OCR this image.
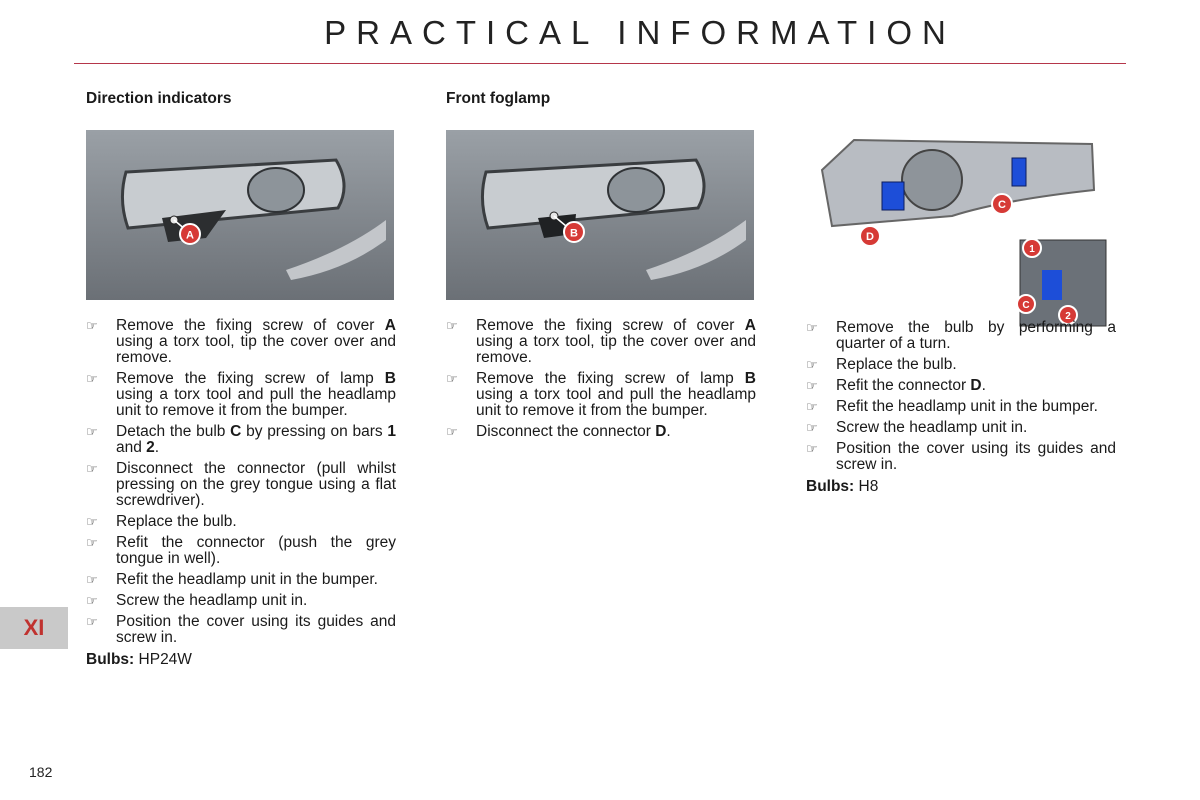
PRACTICAL INFORMATION
Direction indicators
A
☞ Remove the fixing screw of cover A using a torx tool, tip the cover over and remove.
☞ Remove the fixing screw of lamp B using a torx tool and pull the headlamp unit to remove it from the bumper.
☞ Detach the bulb C by pressing on bars 1 and 2.
☞ Disconnect the connector (pull whilst pressing on the grey tongue using a flat screwdriver).
☞ Replace the bulb.
☞ Refit the connector (push the grey tongue in well).
☞ Refit the headlamp unit in the bumper.
☞ Screw the headlamp unit in.
☞ Position the cover using its guides and screw in.
Bulbs: HP24W
Front foglamp
B
☞ Remove the fixing screw of cover A using a torx tool, tip the cover over and remove.
☞ Remove the fixing screw of lamp B using a torx tool and pull the headlamp unit to remove it from the bumper.
☞ Disconnect the connector D.
C
D
1
C
2
☞ Remove the bulb by performing a quarter of a turn.
☞ Replace the bulb.
☞ Refit the connector D.
☞ Refit the headlamp unit in the bumper.
☞ Screw the headlamp unit in.
☞ Position the cover using its guides and screw in.
Bulbs: H8
XI
182
